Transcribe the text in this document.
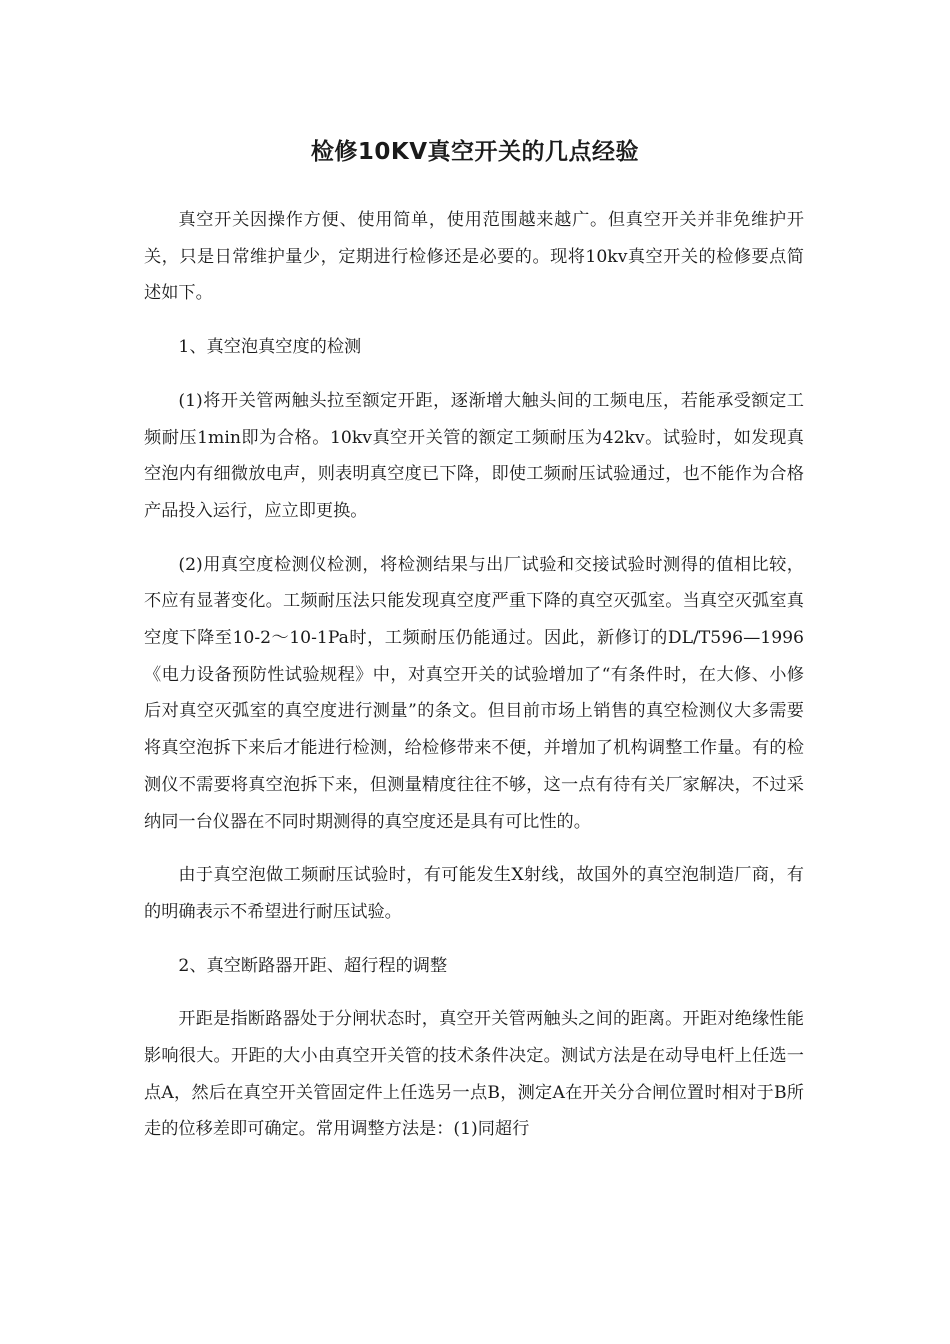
检修10KV真空开关的几点经验

真空开关因操作方便、使用简单，使用范围越来越广。但真空开关并非免维护开关，只是日常维护量少，定期进行检修还是必要的。现将10kv真空开关的检修要点简述如下。

1、真空泡真空度的检测

(1)将开关管两触头拉至额定开距，逐渐增大触头间的工频电压，若能承受额定工频耐压1min即为合格。10kv真空开关管的额定工频耐压为42kv。试验时，如发现真空泡内有细微放电声，则表明真空度已下降，即使工频耐压试验通过，也不能作为合格产品投入运行，应立即更换。

(2)用真空度检测仪检测，将检测结果与出厂试验和交接试验时测得的值相比较，不应有显著变化。工频耐压法只能发现真空度严重下降的真空灭弧室。当真空灭弧室真空度下降至10-2～10-1Pa时，工频耐压仍能通过。因此，新修订的DL/T596—1996《电力设备预防性试验规程》中，对真空开关的试验增加了“有条件时，在大修、小修后对真空灭弧室的真空度进行测量”的条文。但目前市场上销售的真空检测仪大多需要将真空泡拆下来后才能进行检测，给检修带来不便，并增加了机构调整工作量。有的检测仪不需要将真空泡拆下来，但测量精度往往不够，这一点有待有关厂家解决，不过采纳同一台仪器在不同时期测得的真空度还是具有可比性的。

由于真空泡做工频耐压试验时，有可能发生X射线，故国外的真空泡制造厂商，有的明确表示不希望进行耐压试验。

2、真空断路器开距、超行程的调整

开距是指断路器处于分闸状态时，真空开关管两触头之间的距离。开距对绝缘性能影响很大。开距的大小由真空开关管的技术条件决定。测试方法是在动导电杆上任选一点A，然后在真空开关管固定件上任选另一点B，测定A在开关分合闸位置时相对于B所走的位移差即可确定。常用调整方法是：(1)同超行
